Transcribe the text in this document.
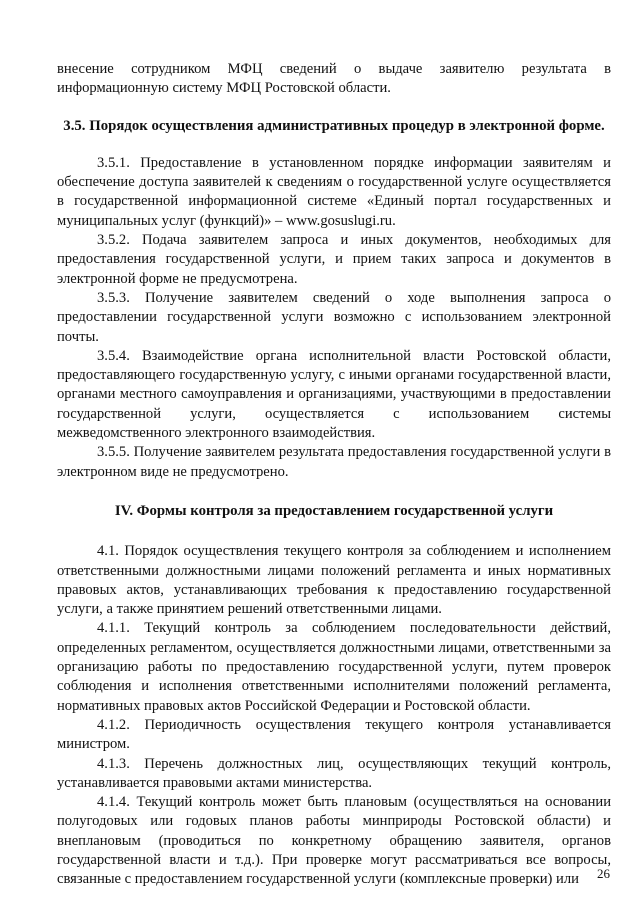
внесение сотрудником МФЦ сведений о выдаче заявителю результата в информационную систему МФЦ Ростовской области.

3.5. Порядок осуществления административных процедур в электронной форме.

3.5.1. Предоставление в установленном порядке информации заявителям и обеспечение доступа заявителей к сведениям о государственной услуге осуществляется в государственной информационной системе «Единый портал государственных и муниципальных услуг (функций)» – www.gosuslugi.ru.

3.5.2. Подача заявителем запроса и иных документов, необходимых для предоставления государственной услуги, и прием таких запроса и документов в электронной форме не предусмотрена.

3.5.3. Получение заявителем сведений о ходе выполнения запроса о предоставлении государственной услуги возможно с использованием электронной почты.

3.5.4. Взаимодействие органа исполнительной власти Ростовской области, предоставляющего государственную услугу, с иными органами государственной власти, органами местного самоуправления и организациями, участвующими в предоставлении государственной услуги, осуществляется с использованием системы межведомственного электронного взаимодействия.

3.5.5. Получение заявителем результата предоставления государственной услуги в электронном виде не предусмотрено.

IV. Формы контроля за предоставлением государственной услуги

4.1. Порядок осуществления текущего контроля за соблюдением и исполнением ответственными должностными лицами положений регламента и иных нормативных правовых актов, устанавливающих требования к предоставлению государственной услуги, а также принятием решений ответственными лицами.

4.1.1. Текущий контроль за соблюдением последовательности действий, определенных регламентом, осуществляется должностными лицами, ответственными за организацию работы по предоставлению государственной услуги, путем проверок соблюдения и исполнения ответственными исполнителями положений регламента, нормативных правовых актов Российской Федерации и Ростовской области.

4.1.2. Периодичность осуществления текущего контроля устанавливается министром.

4.1.3. Перечень должностных лиц, осуществляющих текущий контроль, устанавливается правовыми актами министерства.

4.1.4. Текущий контроль может быть плановым (осуществляться на основании полугодовых или годовых планов работы минприроды Ростовской области) и внеплановым (проводиться по конкретному обращению заявителя, органов государственной власти и т.д.). При проверке могут рассматриваться все вопросы, связанные с предоставлением государственной услуги (комплексные проверки) или	26
